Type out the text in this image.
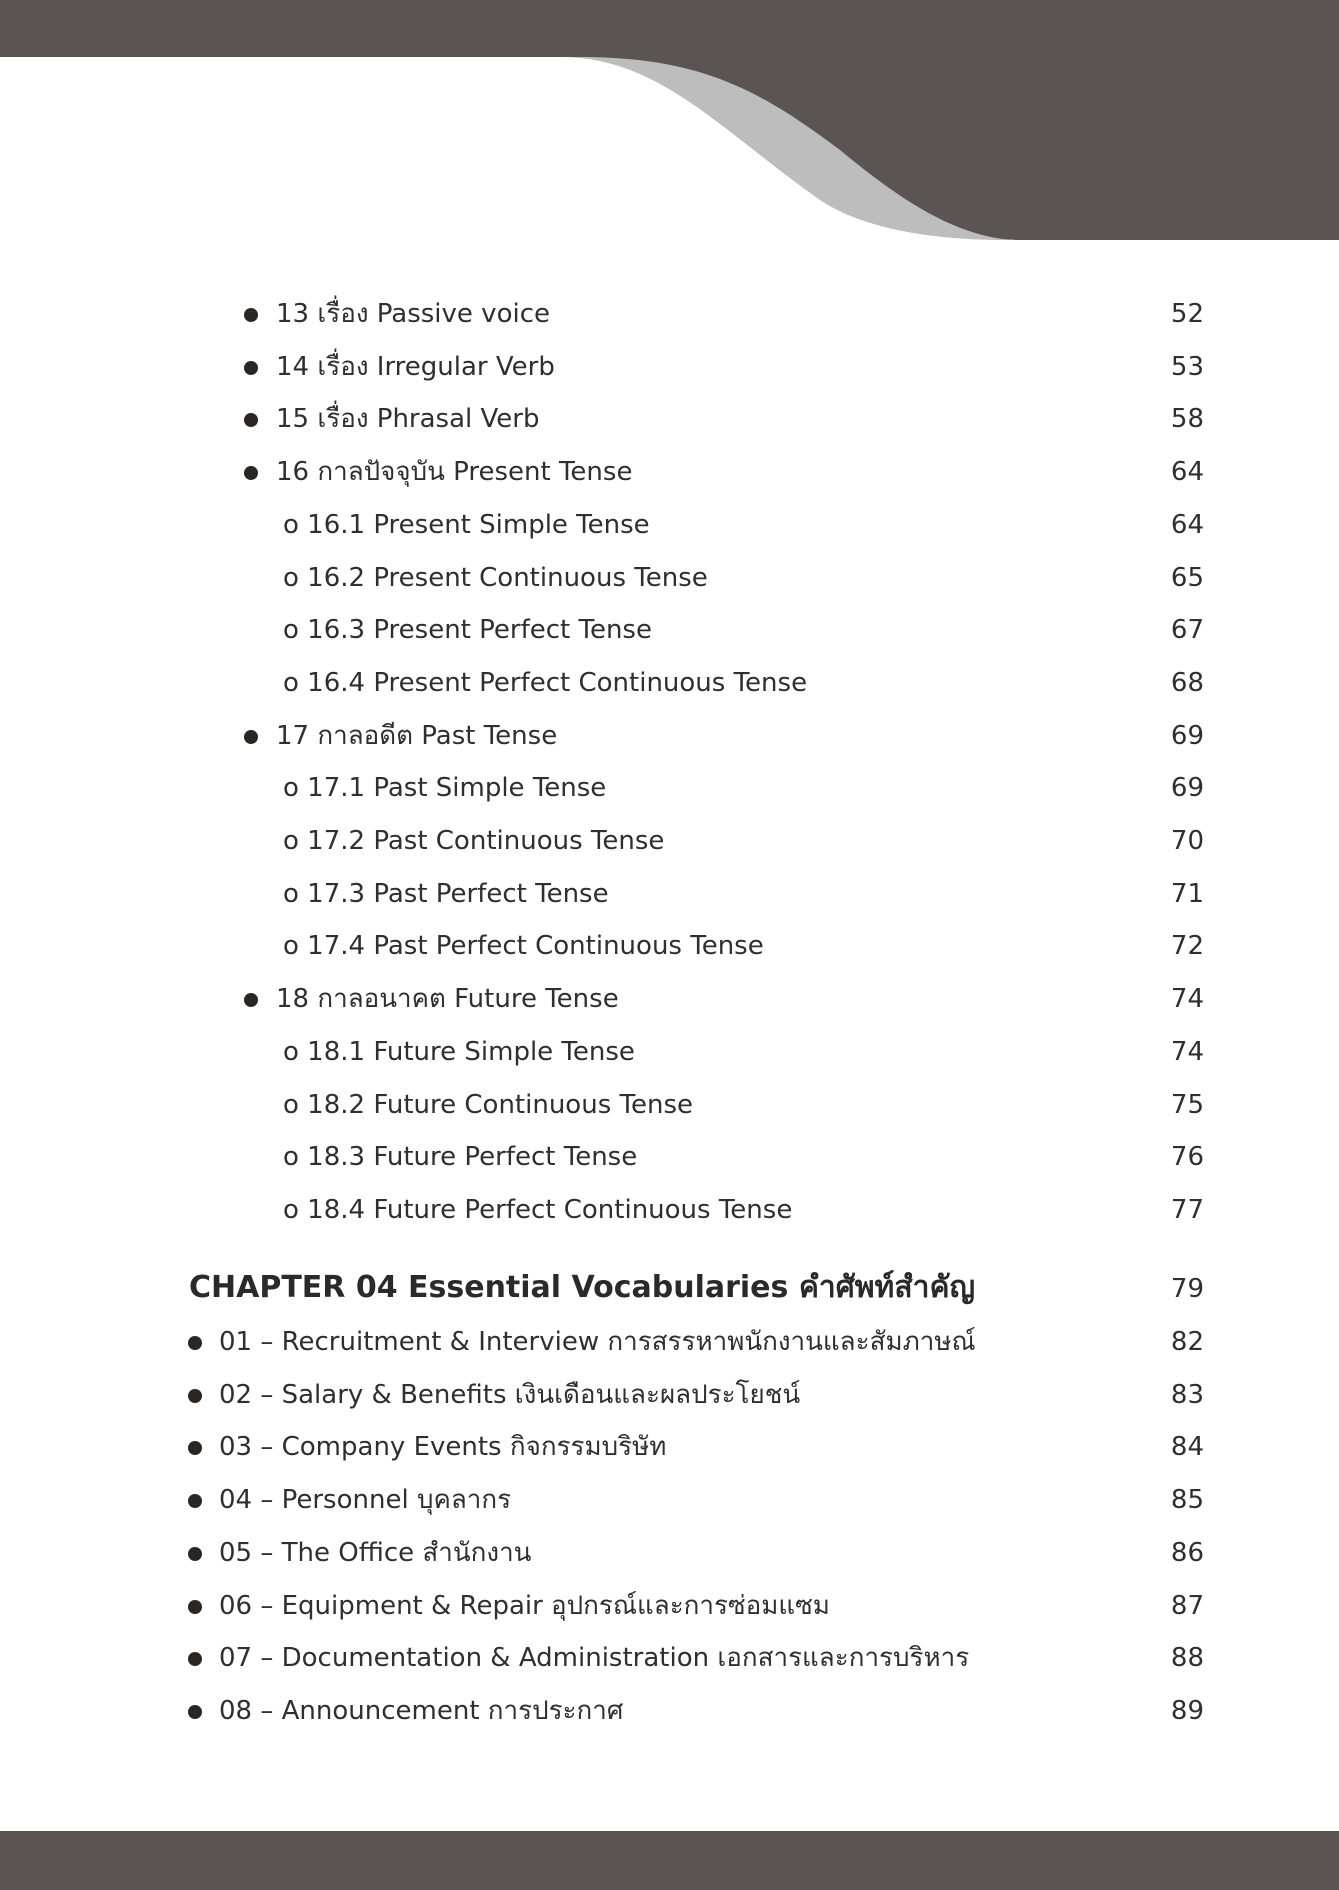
13 เรื่อง Passive voice	52
14 เรื่อง Irregular Verb	53
15 เรื่อง Phrasal Verb	58
16 กาลปัจจุบัน Present Tense	64
o 16.1 Present Simple Tense	64
o 16.2 Present Continuous Tense	65
o 16.3 Present Perfect Tense	67
o 16.4 Present Perfect Continuous Tense	68
17 กาลอดีต Past Tense	69
o 17.1 Past Simple Tense	69
o 17.2 Past Continuous Tense	70
o 17.3 Past Perfect Tense	71
o 17.4 Past Perfect Continuous Tense	72
18 กาลอนาคต Future Tense	74
o 18.1 Future Simple Tense	74
o 18.2 Future Continuous Tense	75
o 18.3 Future Perfect Tense	76
o 18.4 Future Perfect Continuous Tense	77
CHAPTER 04 Essential Vocabularies คำศัพท์สำคัญ	79
01 – Recruitment & Interview การสรรหาพนักงานและสัมภาษณ์	82
02 – Salary & Benefits เงินเดือนและผลประโยชน์	83
03 – Company Events กิจกรรมบริษัท	84
04 – Personnel บุคลากร	85
05 – The Office สำนักงาน	86
06 – Equipment & Repair อุปกรณ์และการซ่อมแซม	87
07 – Documentation & Administration เอกสารและการบริหาร	88
08 – Announcement การประกาศ	89
